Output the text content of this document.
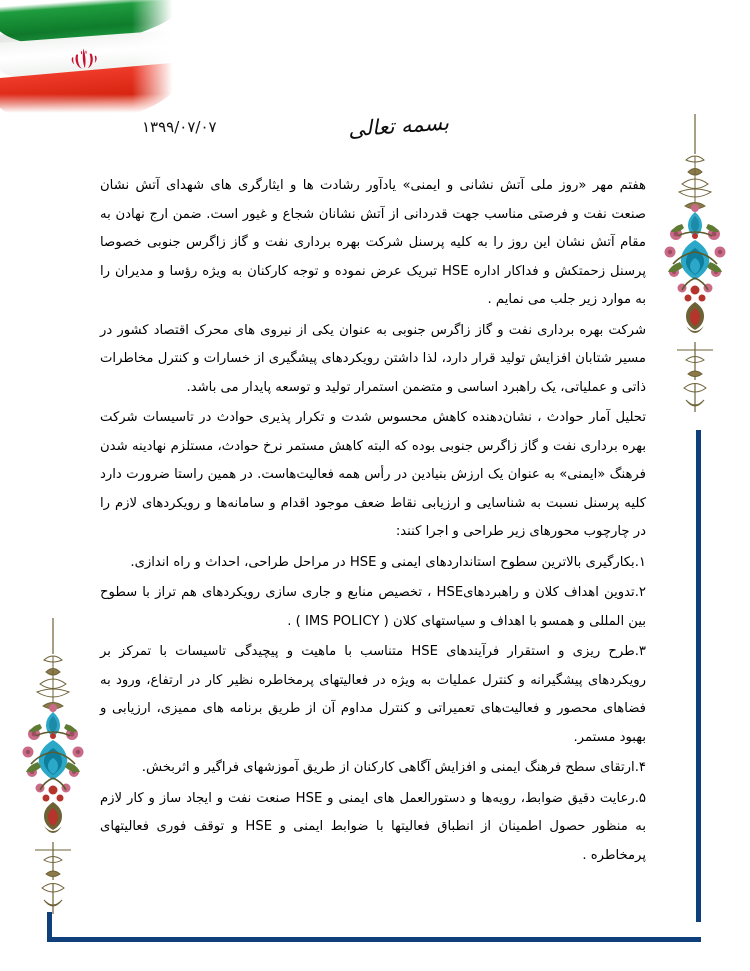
۱۳۹۹/۰۷/۰۷	بسمه تعالی

هفتم مهر «روز ملی آتش نشانی و ایمنی» یادآور رشادت ها و ایثارگری های شهدای آتش نشان صنعت نفت و فرصتی مناسب جهت قدردانی از آتش نشانان شجاع و غیور است. ضمن ارج نهادن به مقام آتش نشان این روز را به کلیه پرسنل شرکت بهره برداری نفت و گاز زاگرس جنوبی خصوصا پرسنل زحمتکش و فداکار اداره HSE تبریک عرض نموده و توجه کارکنان به ویژه رؤسا و مدیران را به موارد زیر جلب می نمایم .

شرکت بهره برداری نفت و گاز زاگرس جنوبی به عنوان یکی از نیروی های محرک اقتصاد کشور در مسیر شتابان افزایش تولید قرار دارد، لذا داشتن رویکردهای پیشگیری از خسارات و کنترل مخاطرات ذاتی و عملیاتی، یک راهبرد اساسی و متضمن استمرار تولید و توسعه پایدار می باشد.

تحلیل آمار حوادث ، نشان‌دهنده کاهش محسوس شدت و تکرار پذیری حوادث در تاسیسات شرکت بهره برداری نفت و گاز زاگرس جنوبی بوده که البته کاهش مستمر نرخ حوادث، مستلزم نهادینه شدن فرهنگ «ایمنی» به عنوان یک ارزش بنیادین در رأس همه فعالیت‌هاست. در همین راستا ضرورت دارد کلیه پرسنل نسبت به شناسایی و ارزیابی نقاط ضعف موجود اقدام و سامانه‌ها و رویکردهای لازم را در چارچوب محورهای زیر طراحی و اجرا کنند:

۱.بکارگیری بالاترین سطوح استانداردهای ایمنی و HSE در مراحل طراحی، احداث و راه اندازی.

۲.تدوین اهداف کلان و راهبردهایHSE ، تخصیص منابع و جاری سازی رویکردهای هم تراز با سطوح بین المللی و همسو با اهداف و سیاستهای کلان ( IMS POLICY ) .

۳.طرح ریزی و استقرار فرآیندهای HSE متناسب با ماهیت و پیچیدگی تاسیسات با تمرکز بر رویکردهای پیشگیرانه و کنترل عملیات به ویژه در فعالیتهای پرمخاطره نظیر کار در ارتفاع، ورود به فضاهای محصور و فعالیت‌های تعمیراتی و کنترل مداوم آن از طریق برنامه های ممیزی، ارزیابی و بهبود مستمر.

۴.ارتقای سطح فرهنگ ایمنی و افزایش آگاهی کارکنان از طریق آموزشهای فراگیر و اثربخش.

۵.رعایت دقیق ضوابط، رویه‌ها و دستورالعمل های ایمنی و HSE صنعت نفت و ایجاد ساز و کار لازم به منظور حصول اطمینان از انطباق فعالیتها با ضوابط ایمنی و HSE و توقف فوری فعالیتهای پرمخاطره .
